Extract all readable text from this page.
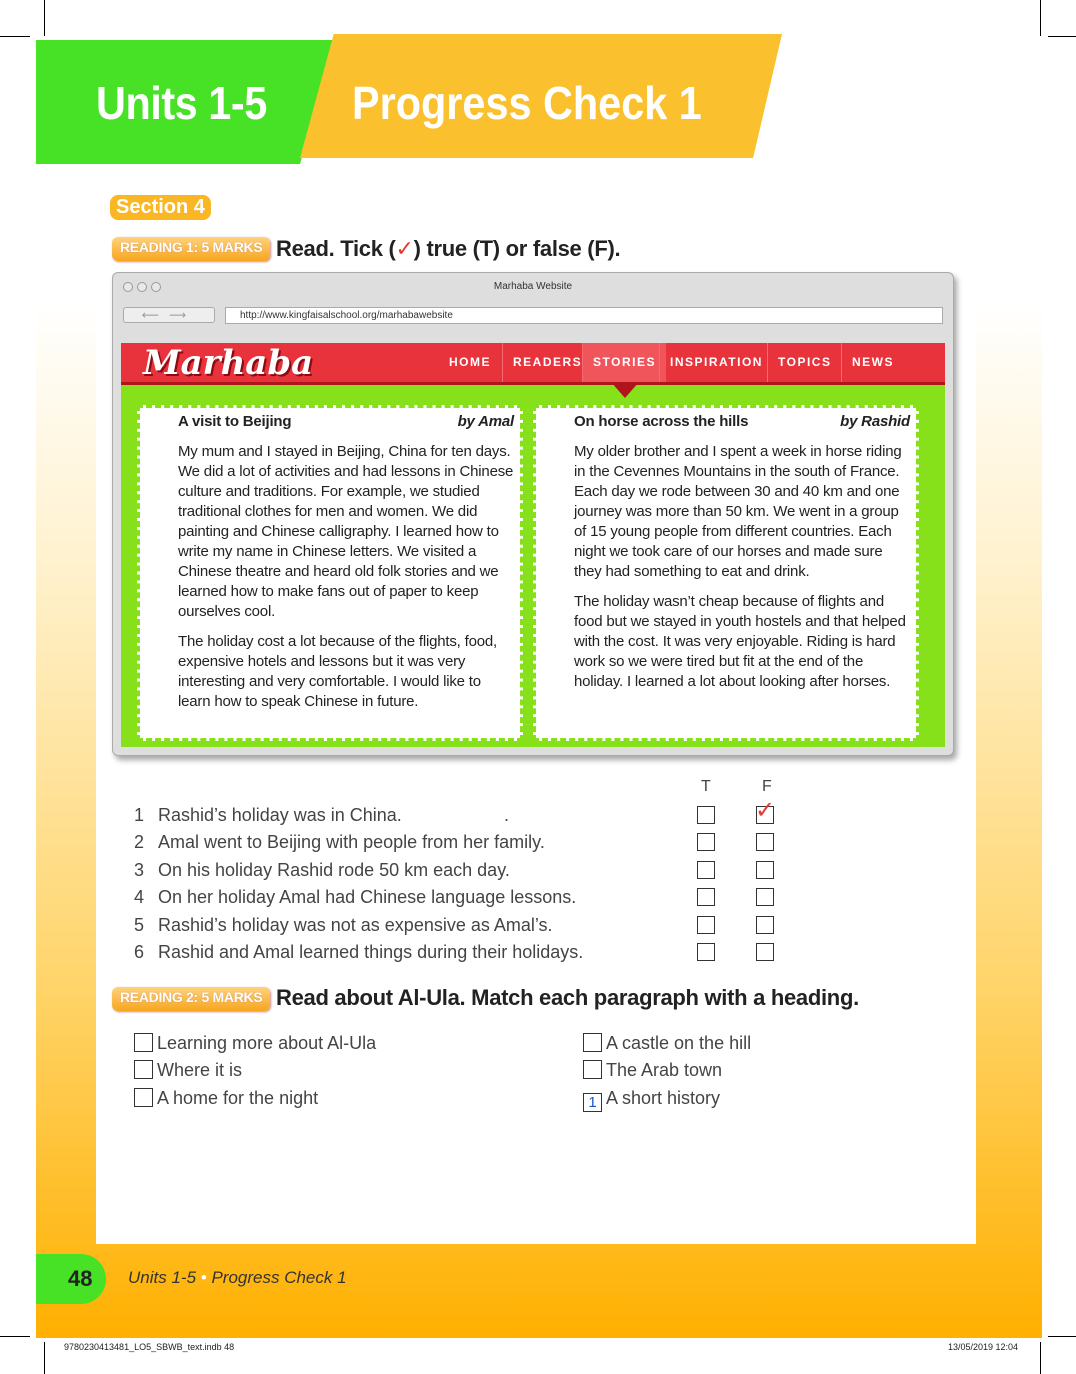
Units 1-5 Progress Check 1
Section 4
READING 1: 5 MARKS Read. Tick (✓) true (T) or false (F).
Marhaba Website
⟵⟶	http://www.kingfaisalschool.org/marhabawebsite
Marhaba	HOME	READERS STORIES	INSPIRATION	TOPICS	NEWS
A visit to Beijing	by Amal

My mum and I stayed in Beijing, China for ten days. We did a lot of activities and had lessons in Chinese culture and traditions. For example, we studied traditional clothes for men and women. We did painting and Chinese calligraphy. I learned how to write my name in Chinese letters. We visited a Chinese theatre and heard old folk stories and we learned how to make fans out of paper to keep ourselves cool.

The holiday cost a lot because of the flights, food, expensive hotels and lessons but it was very interesting and very comfortable. I would like to learn how to speak Chinese in future.

On horse across the hills	by Rashid

My older brother and I spent a week in horse riding in the Cevennes Mountains in the south of France. Each day we rode between 30 and 40 km and one journey was more than 50 km. We went in a group of 15 young people from different countries. Each night we took care of our horses and made sure they had something to eat and drink.

The holiday wasn’t cheap because of flights and food but we stayed in youth hostels and that helped with the cost. It was very enjoyable. Riding is hard work so we were tired but fit at the end of the holiday. I learned a lot about looking after horses.

T	F
1 Rashid’s holiday was in China.	.	✓
2 Amal went to Beijing with people from her family.
3 On his holiday Rashid rode 50 km each day.
4 On her holiday Amal had Chinese language lessons.
5 Rashid’s holiday was not as expensive as Amal’s.
6 Rashid and Amal learned things during their holidays.
READING 2: 5 MARKS Read about Al-Ula. Match each paragraph with a heading.
Learning more about Al-Ula
Where it is
A home for the night
A castle on the hill
The Arab town
1 A short history
48	Units 1-5 • Progress Check 1
9780230413481_LO5_SBWB_text.indb 48	13/05/2019 12:04
